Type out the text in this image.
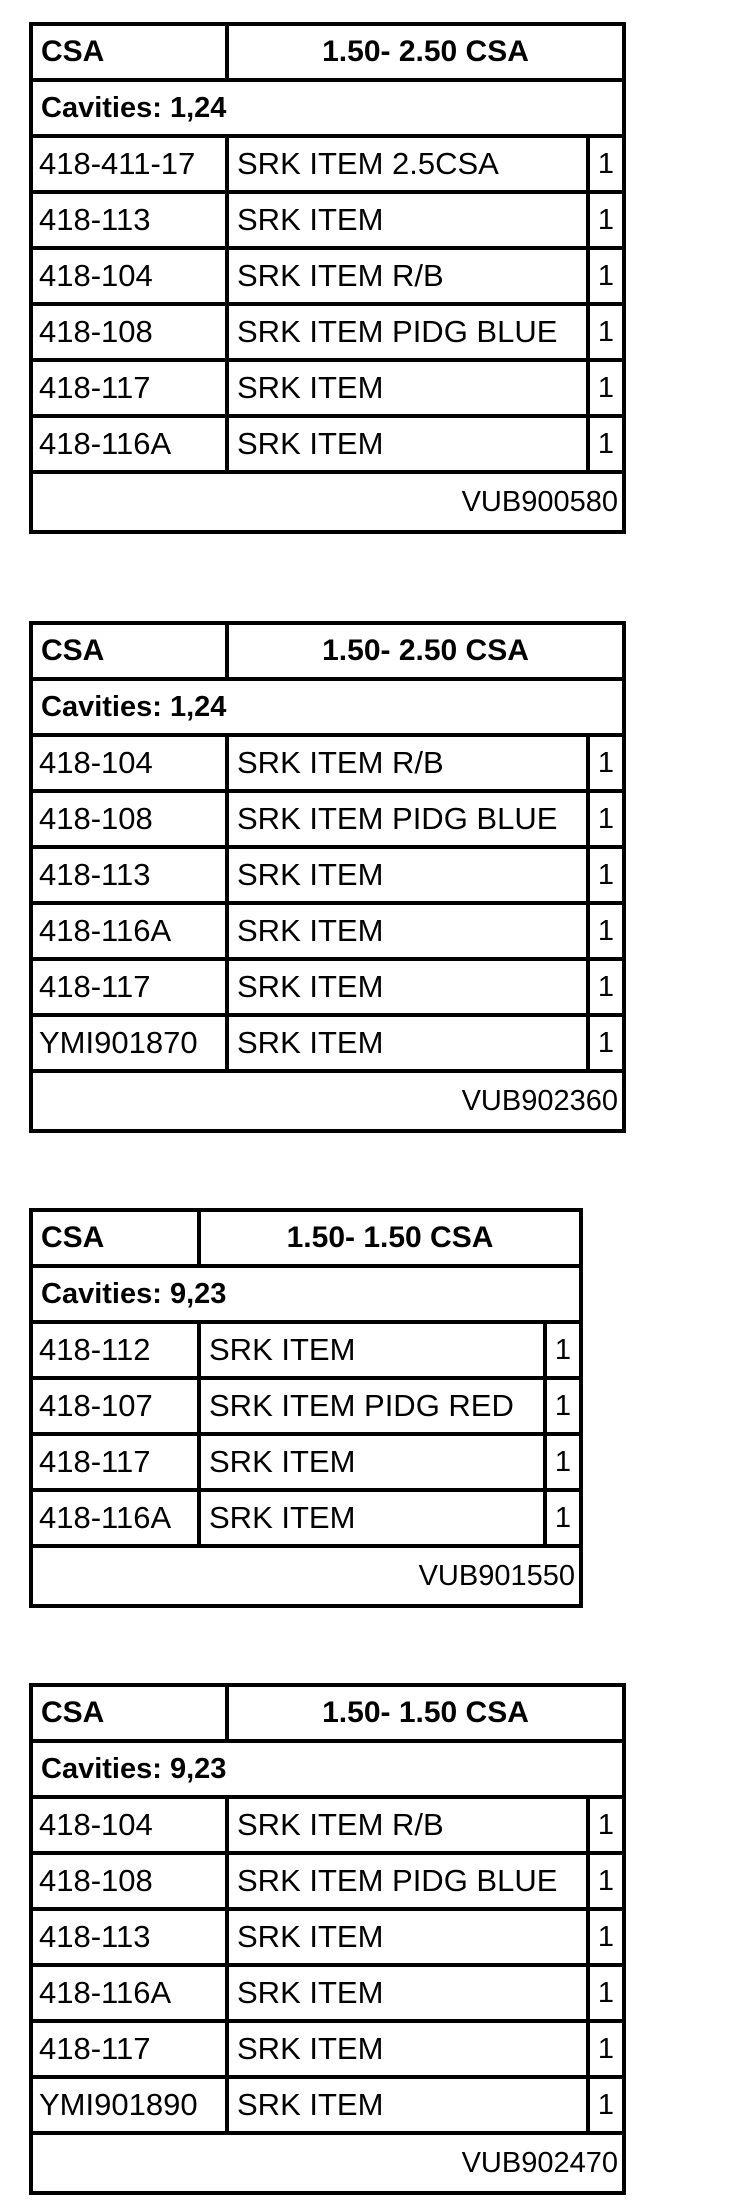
CSA	1.50- 2.50 CSA
Cavities: 1,24
418-411-17	SRK ITEM 2.5CSA	1
418-113	SRK ITEM	1
418-104	SRK ITEM R/B	1
418-108	SRK ITEM PIDG BLUE	1
418-117	SRK ITEM	1
418-116A	SRK ITEM	1
VUB900580
CSA	1.50- 2.50 CSA
Cavities: 1,24
418-104	SRK ITEM R/B	1
418-108	SRK ITEM PIDG BLUE	1
418-113	SRK ITEM	1
418-116A	SRK ITEM	1
418-117	SRK ITEM	1
YMI901870	SRK ITEM	1
VUB902360
CSA	1.50- 1.50 CSA
Cavities: 9,23
418-112	SRK ITEM	1
418-107	SRK ITEM PIDG RED	1
418-117	SRK ITEM	1
418-116A	SRK ITEM	1
VUB901550
CSA	1.50- 1.50 CSA
Cavities: 9,23
418-104	SRK ITEM R/B	1
418-108	SRK ITEM PIDG BLUE	1
418-113	SRK ITEM	1
418-116A	SRK ITEM	1
418-117	SRK ITEM	1
YMI901890	SRK ITEM	1
VUB902470
